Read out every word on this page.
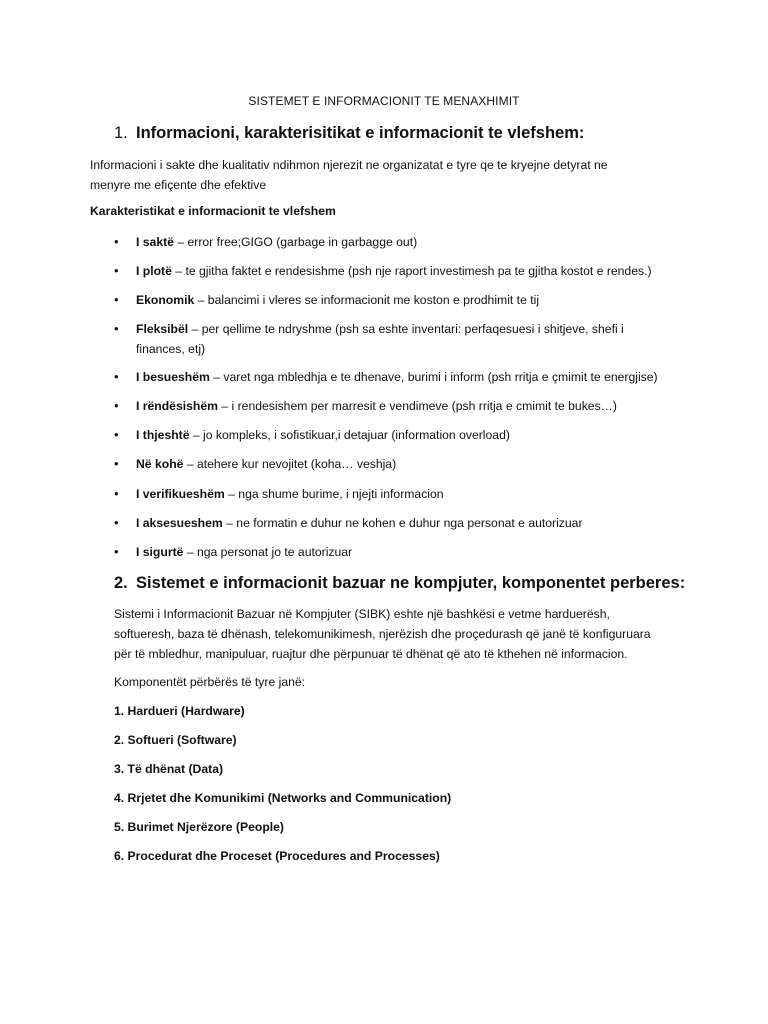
SISTEMET E INFORMACIONIT TE MENAXHIMIT
1. Informacioni, karakterisitikat e informacionit te vlefshem:
Informacioni i sakte dhe kualitativ ndihmon njerezit ne organizatat e tyre qe te kryejne detyrat ne
menyre me efiçente dhe efektive
Karakteristikat e informacionit te vlefshem
• I saktë – error free;GIGO (garbage in garbagge out)
• I plotë – te gjitha faktet e rendesishme (psh nje raport investimesh pa te gjitha kostot e rendes.)
• Ekonomik – balancimi i vleres se informacionit me koston e prodhimit te tij
• Fleksibël – per qellime te ndryshme (psh sa eshte inventari: perfaqesuesi i shitjeve, shefi i finances, etj)
• I besueshëm – varet nga mbledhja e te dhenave, burimi i inform (psh rritja e çmimit te energjise)
• I rëndësishëm – i rendesishem per marresit e vendimeve (psh rritja e cmimit te bukes…)
• I thjeshtë – jo kompleks, i sofistikuar,i detajuar (information overload)
• Në kohë – atehere kur nevojitet (koha… veshja)
• I verifikueshëm – nga shume burime, i njejti informacion
• I aksesueshem – ne formatin e duhur ne kohen e duhur nga personat e autorizuar
• I sigurtë – nga personat jo te autorizuar
2. Sistemet e informacionit bazuar ne kompjuter, komponentet perberes:
Sistemi i Informacionit Bazuar në Kompjuter (SIBK) eshte një bashkësi e vetme harduerësh,
softueresh, baza të dhënash, telekomunikimesh, njerëzish dhe proçedurash që janë të konfiguruara
për të mbledhur, manipuluar, ruajtur dhe përpunuar të dhënat që ato të kthehen në informacion.
Komponentët përbërës të tyre janë:
1. Hardueri (Hardware)
2. Softueri (Software)
3. Të dhënat (Data)
4. Rrjetet dhe Komunikimi (Networks and Communication)
5. Burimet Njerëzore (People)
6. Procedurat dhe Proceset (Procedures and Processes)
